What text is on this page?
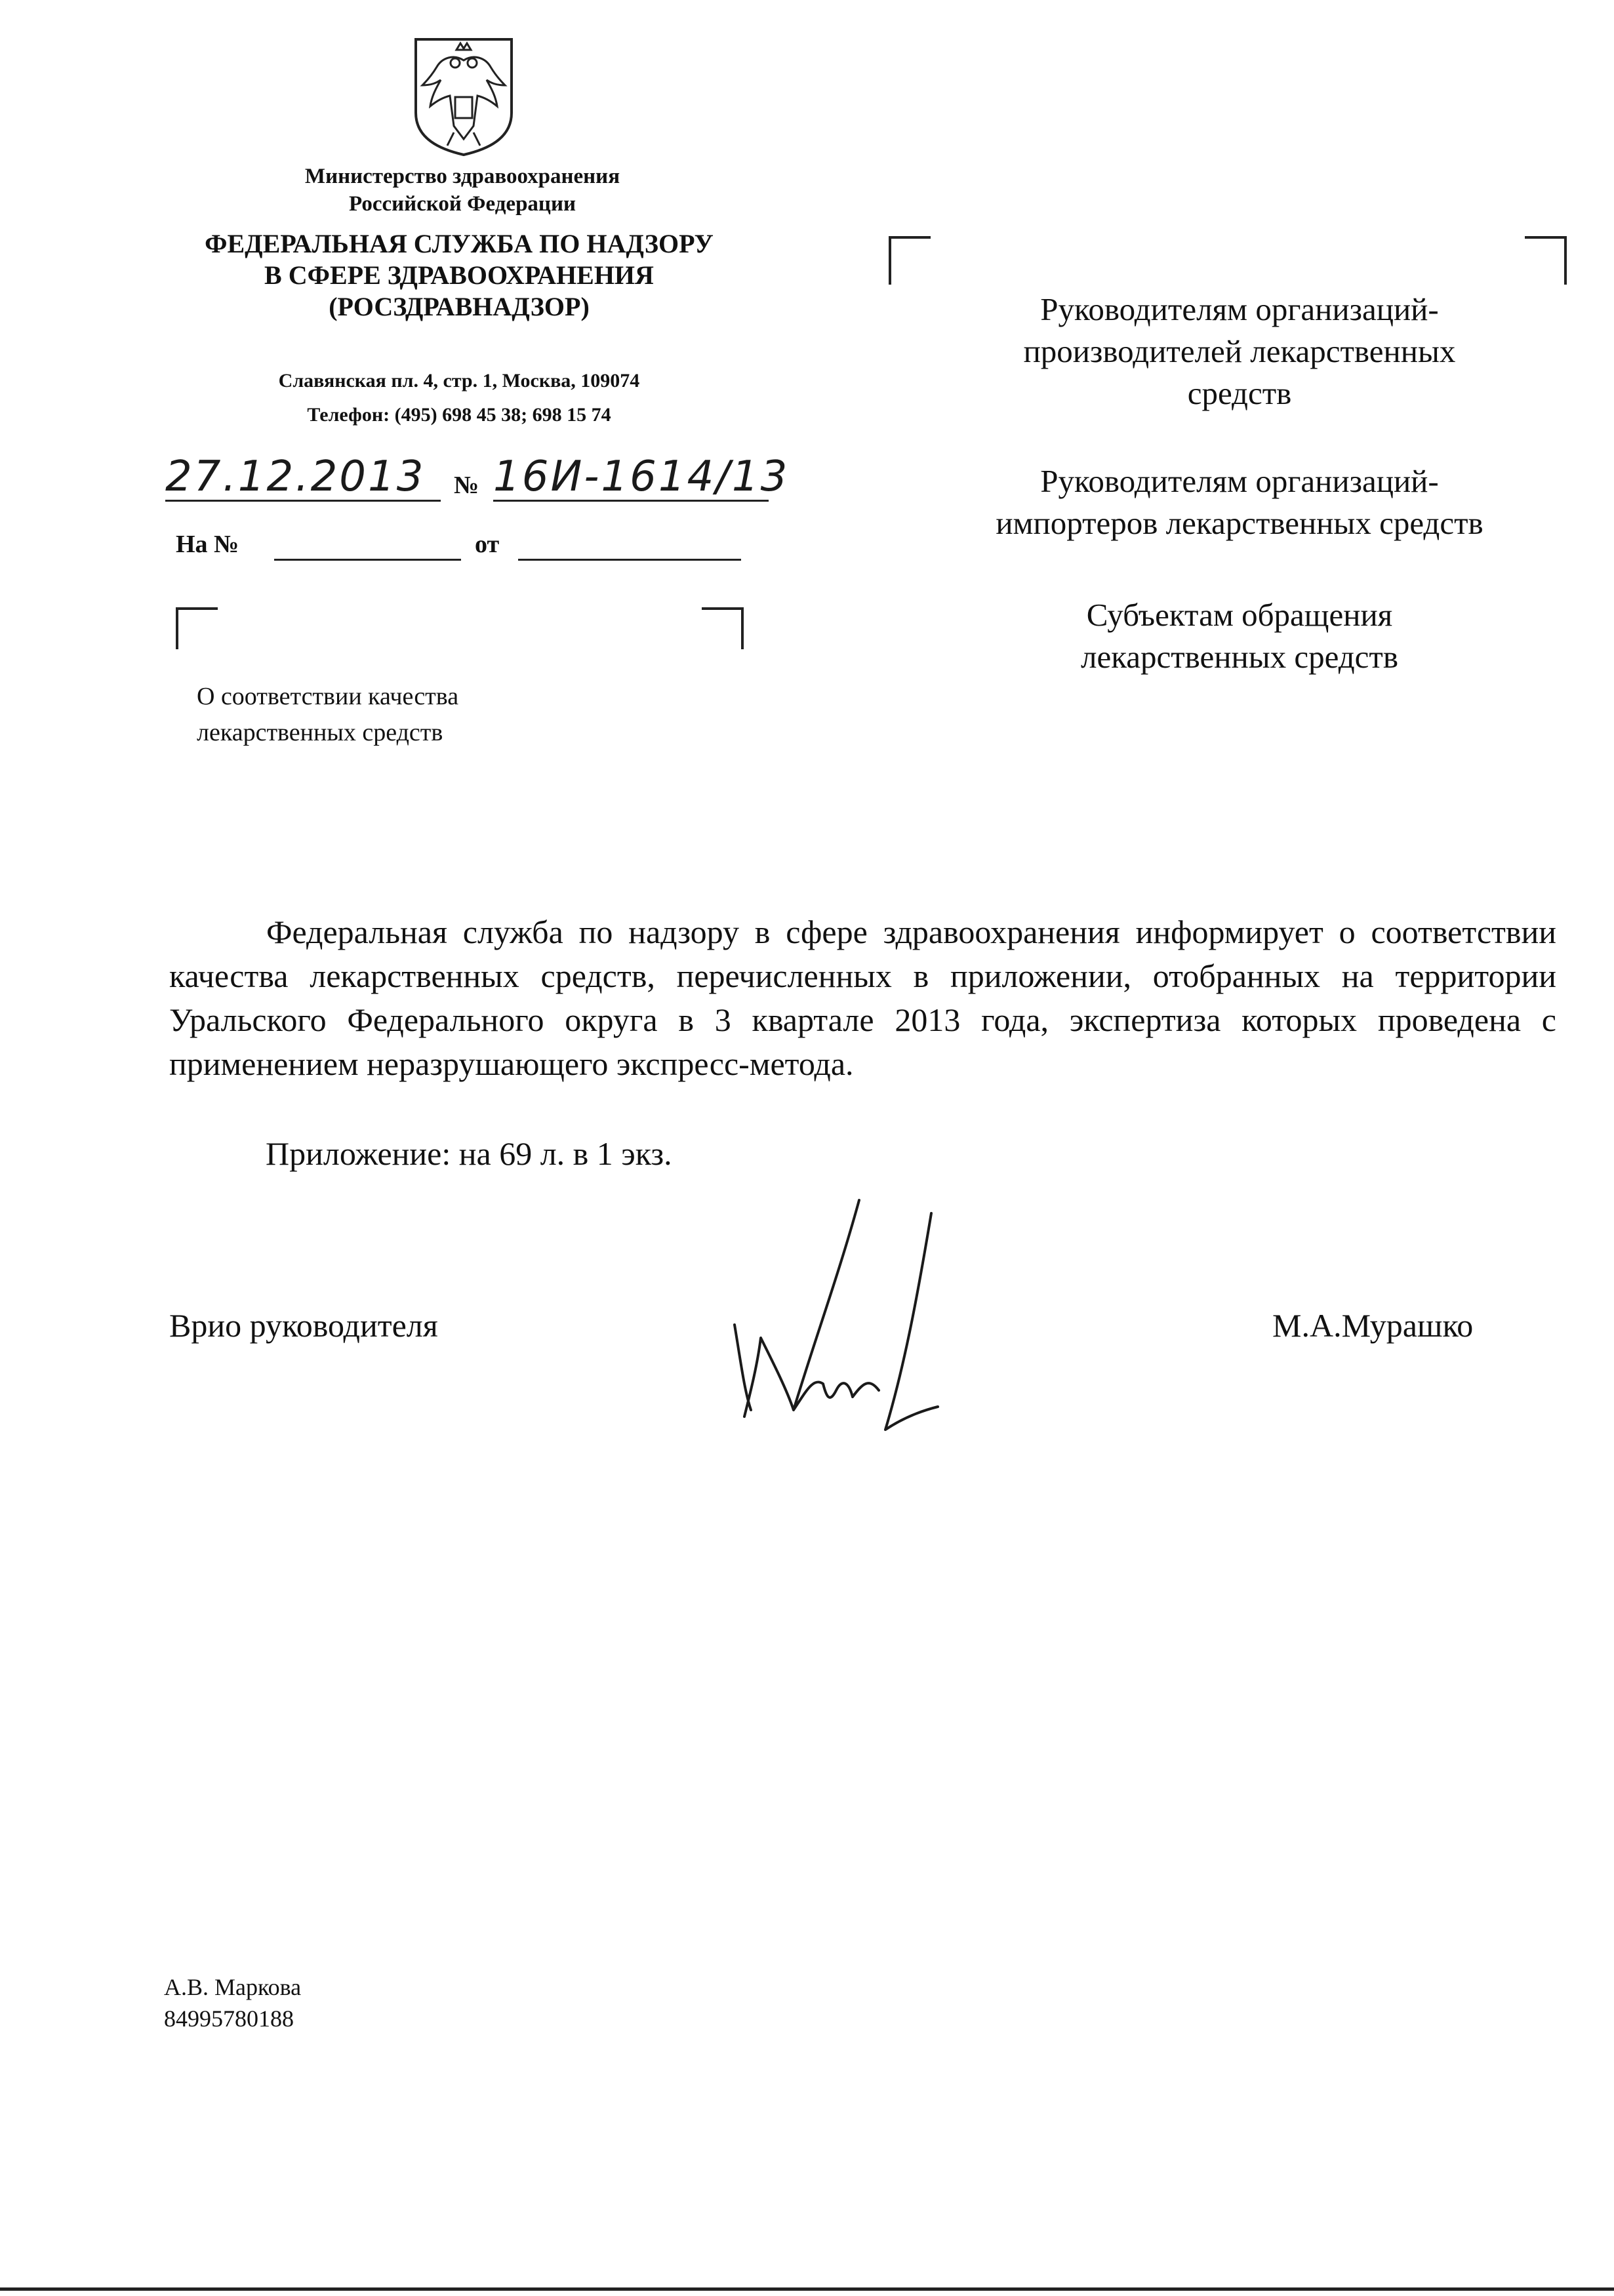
Министерство здравоохранения
Российской Федерации
ФЕДЕРАЛЬНАЯ СЛУЖБА ПО НАДЗОРУ
В СФЕРЕ ЗДРАВООХРАНЕНИЯ
(РОСЗДРАВНАДЗОР)
Славянская пл. 4, стр. 1, Москва, 109074
Телефон: (495) 698 45 38; 698 15 74
27.12.2013	№ 16И-1614/13
На №	от
О соответствии качества
лекарственных средств
Руководителям организаций-
производителей лекарственных
средств
Руководителям организаций-
импортеров лекарственных средств
Субъектам обращения
лекарственных средств
Федеральная служба по надзору в сфере здравоохранения информирует о соответствии качества лекарственных средств, перечисленных в приложении, отобранных на территории Уральского Федерального округа в 3 квартале 2013 года, экспертиза которых проведена с применением неразрушающего экспресс-метода.
Приложение: на 69 л. в 1 экз.
Врио руководителя	М.А.Мурашко
А.В. Маркова
84995780188
